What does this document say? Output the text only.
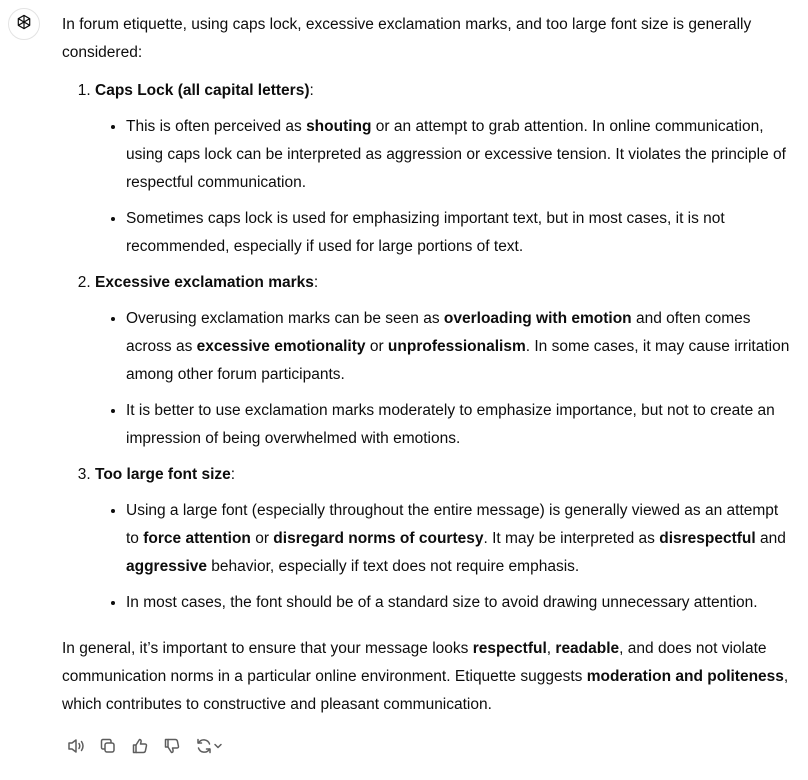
In forum etiquette, using caps lock, excessive exclamation marks, and too large font size is generally considered:

1. Caps Lock (all capital letters):
• This is often perceived as shouting or an attempt to grab attention. In online communication, using caps lock can be interpreted as aggression or excessive tension. It violates the principle of respectful communication.
• Sometimes caps lock is used for emphasizing important text, but in most cases, it is not recommended, especially if used for large portions of text.
2. Excessive exclamation marks:
• Overusing exclamation marks can be seen as overloading with emotion and often comes across as excessive emotionality or unprofessionalism. In some cases, it may cause irritation among other forum participants.
• It is better to use exclamation marks moderately to emphasize importance, but not to create an impression of being overwhelmed with emotions.
3. Too large font size:
• Using a large font (especially throughout the entire message) is generally viewed as an attempt to force attention or disregard norms of courtesy. It may be interpreted as disrespectful and aggressive behavior, especially if text does not require emphasis.
• In most cases, the font should be of a standard size to avoid drawing unnecessary attention.

In general, it’s important to ensure that your message looks respectful, readable, and does not violate communication norms in a particular online environment. Etiquette suggests moderation and politeness, which contributes to constructive and pleasant communication.
